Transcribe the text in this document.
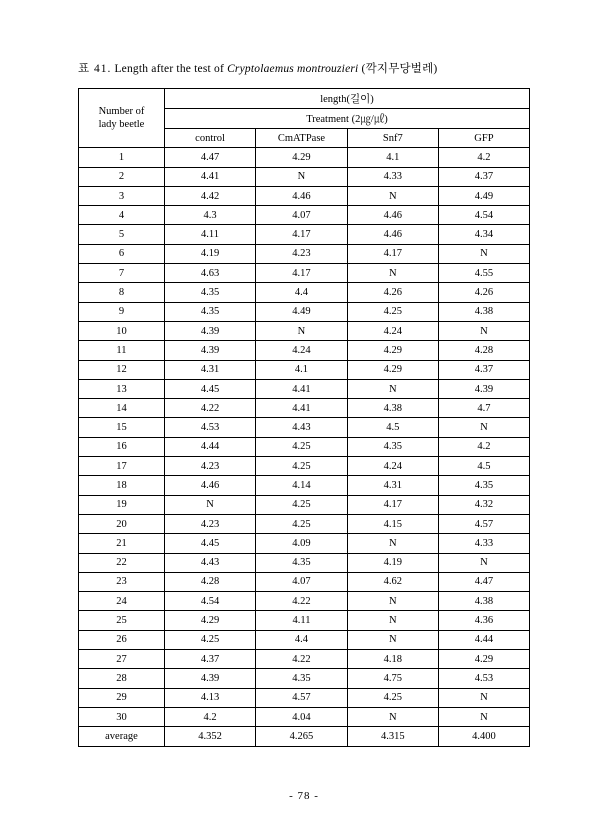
표 41. Length after the test of Cryptolaemus montrouzieri (깍지무당벌레)
Number of
lady beetle	length(길이)			
	Treatment (2㎍/㎕)			
	control	CmATPase	Snf7	GFP
1	4.47	4.29	4.1	4.2
2	4.41	N	4.33	4.37
3	4.42	4.46	N	4.49
4	4.3	4.07	4.46	4.54
5	4.11	4.17	4.46	4.34
6	4.19	4.23	4.17	N
7	4.63	4.17	N	4.55
8	4.35	4.4	4.26	4.26
9	4.35	4.49	4.25	4.38
10	4.39	N	4.24	N
11	4.39	4.24	4.29	4.28
12	4.31	4.1	4.29	4.37
13	4.45	4.41	N	4.39
14	4.22	4.41	4.38	4.7
15	4.53	4.43	4.5	N
16	4.44	4.25	4.35	4.2
17	4.23	4.25	4.24	4.5
18	4.46	4.14	4.31	4.35
19	N	4.25	4.17	4.32
20	4.23	4.25	4.15	4.57
21	4.45	4.09	N	4.33
22	4.43	4.35	4.19	N
23	4.28	4.07	4.62	4.47
24	4.54	4.22	N	4.38
25	4.29	4.11	N	4.36
26	4.25	4.4	N	4.44
27	4.37	4.22	4.18	4.29
28	4.39	4.35	4.75	4.53
29	4.13	4.57	4.25	N
30	4.2	4.04	N	N
average	4.352	4.265	4.315	4.400
- 78 -
